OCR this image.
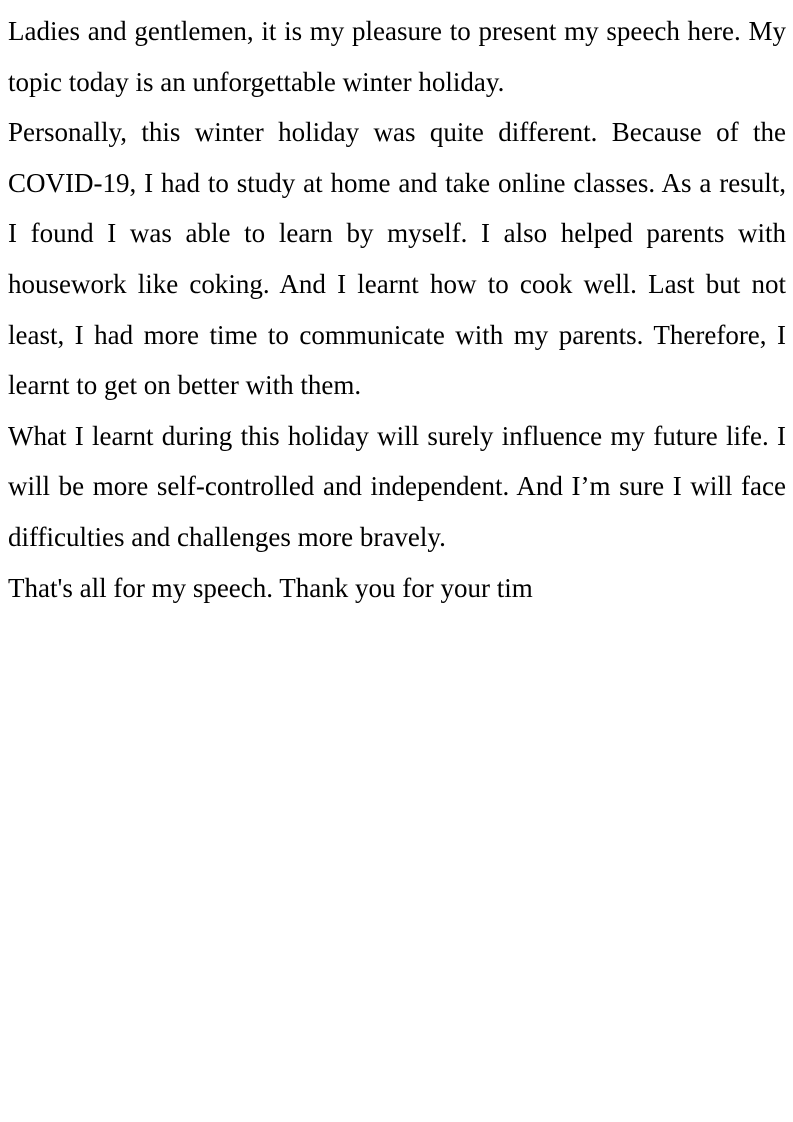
Ladies and gentlemen, it is my pleasure to present my speech here. My topic today is an unforgettable winter holiday.

Personally, this winter holiday was quite different. Because of the COVID-19, I had to study at home and take online classes. As a result, I found I was able to learn by myself. I also helped parents with housework like coking. And I learnt how to cook well. Last but not least, I had more time to communicate with my parents. Therefore, I learnt to get on better with them.

What I learnt during this holiday will surely influence my future life. I will be more self-controlled and independent. And I’m sure I will face difficulties and challenges more bravely.

That's all for my speech. Thank you for your tim
